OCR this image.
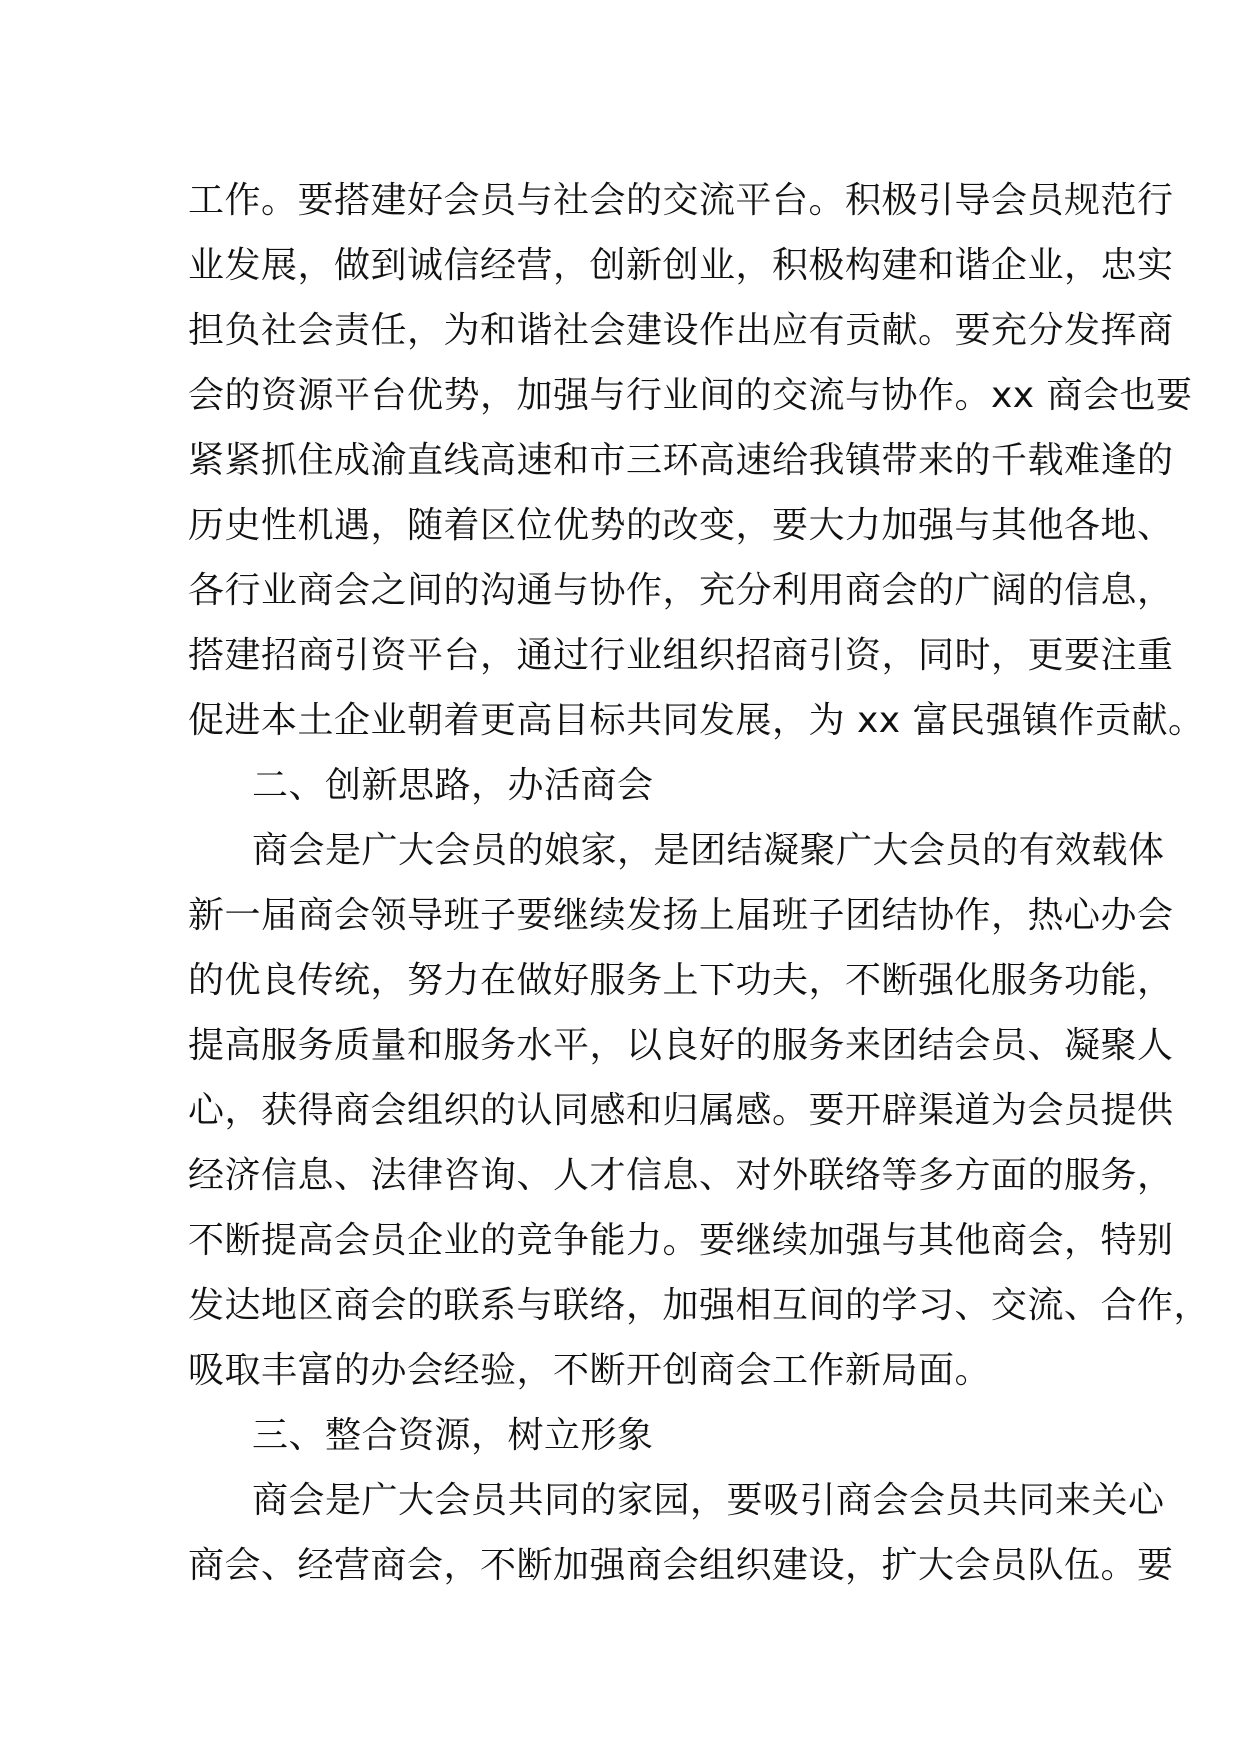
工作。要搭建好会员与社会的交流平台。积极引导会员规范行
业发展，做到诚信经营，创新创业，积极构建和谐企业，忠实
担负社会责任，为和谐社会建设作出应有贡献。要充分发挥商
会的资源平台优势，加强与行业间的交流与协作。xx 商会也要
紧紧抓住成渝直线高速和市三环高速给我镇带来的千载难逢的
历史性机遇，随着区位优势的改变，要大力加强与其他各地、
各行业商会之间的沟通与协作，充分利用商会的广阔的信息，
搭建招商引资平台，通过行业组织招商引资，同时，更要注重
促进本土企业朝着更高目标共同发展，为 xx 富民强镇作贡献。
二、创新思路，办活商会
商会是广大会员的娘家，是团结凝聚广大会员的有效载体
新一届商会领导班子要继续发扬上届班子团结协作，热心办会
的优良传统，努力在做好服务上下功夫，不断强化服务功能，
提高服务质量和服务水平，以良好的服务来团结会员、凝聚人
心，获得商会组织的认同感和归属感。要开辟渠道为会员提供
经济信息、法律咨询、人才信息、对外联络等多方面的服务，
不断提高会员企业的竞争能力。要继续加强与其他商会，特别
发达地区商会的联系与联络，加强相互间的学习、交流、合作，
吸取丰富的办会经验，不断开创商会工作新局面。
三、整合资源，树立形象
商会是广大会员共同的家园，要吸引商会会员共同来关心
商会、经营商会，不断加强商会组织建设，扩大会员队伍。要
